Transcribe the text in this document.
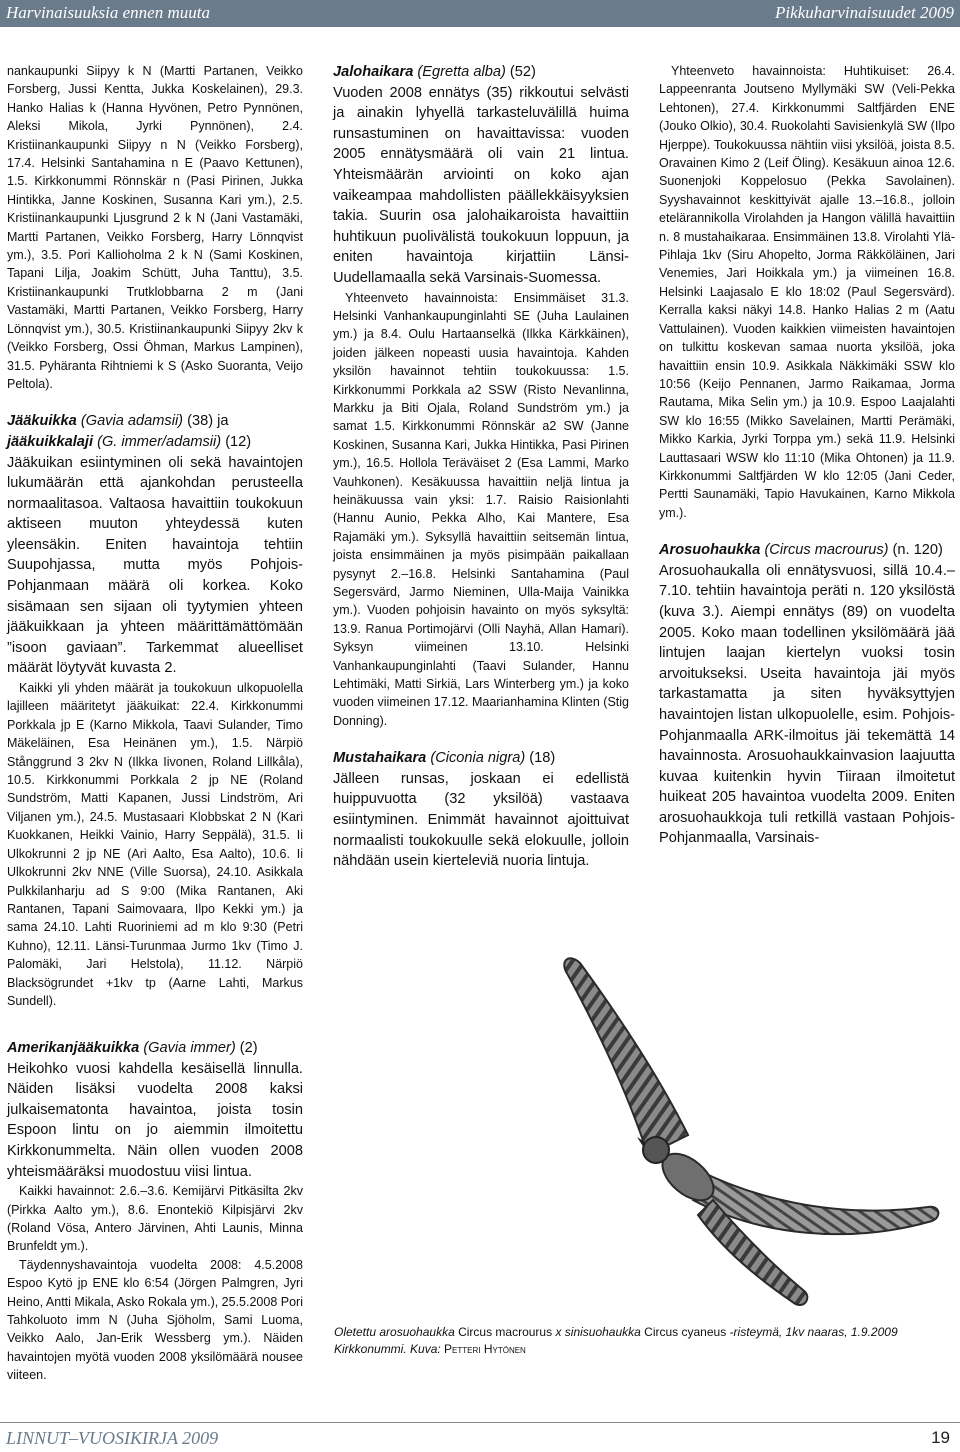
Harvinaisuuksia ennen muuta	Pikkuharvinaisuudet 2009

nankaupunki Siipyy k N (Martti Partanen, Veikko Forsberg, Jussi Kentta, Jukka Koskelainen), 29.3. Hanko Halias k (Hanna Hyvönen, Petro Pynnönen, Aleksi Mikola, Jyrki Pynnönen), 2.4. Kristiinankaupunki Siipyy n N (Veikko Forsberg), 17.4. Helsinki Santahamina n E (Paavo Kettunen), 1.5. Kirkkonummi Rönnskär n (Pasi Pirinen, Jukka Hintikka, Janne Koskinen, Susanna Kari ym.), 2.5. Kristiinankaupunki Ljusgrund 2 k N (Jani Vastamäki, Martti Partanen, Veikko Forsberg, Harry Lönnqvist ym.), 3.5. Pori Kallioholma 2 k N (Sami Koskinen, Tapani Lilja, Joakim Schütt, Juha Tanttu), 3.5. Kristiinankaupunki Trutklobbarna 2 m (Jani Vastamäki, Martti Partanen, Veikko Forsberg, Harry Lönnqvist ym.), 30.5. Kristiinankaupunki Siipyy 2kv k (Veikko Forsberg, Ossi Öhman, Markus Lampinen), 31.5. Pyhäranta Rihtniemi k S (Asko Suoranta, Veijo Peltola).

Jääkuikka (Gavia adamsii) (38) ja
jääkuikkalaji (G. immer/adamsii) (12)

Jääkuikan esiintyminen oli sekä havaintojen lukumäärän että ajankohdan perusteella normaalitasoa. Valtaosa havaittiin toukokuun aktiseen muuton yhteydessä kuten yleensäkin. Eniten havaintoja tehtiin Suupohjassa, mutta myös Pohjois-Pohjanmaan määrä oli korkea. Koko sisämaan sen sijaan oli tyytymien yhteen jääkuikkaan ja yhteen määrittämättömään ”isoon gaviaan”. Tarkemmat alueelliset määrät löytyvät kuvasta 2.

Kaikki yli yhden määrät ja toukokuun ulkopuolella lajilleen määritetyt jääkuikat: 22.4. Kirkkonummi Porkkala jp E (Karno Mikkola, Taavi Sulander, Timo Mäkeläinen, Esa Heinänen ym.), 1.5. Närpiö Stånggrund 3 2kv N (Ilkka Iivonen, Roland Lillkåla), 10.5. Kirkkonummi Porkkala 2 jp NE (Roland Sundström, Matti Kapanen, Jussi Lindström, Ari Viljanen ym.), 24.5. Mustasaari Klobbskat 2 N (Kari Kuokkanen, Heikki Vainio, Harry Seppälä), 31.5. Ii Ulkokrunni 2 jp NE (Ari Aalto, Esa Aalto), 10.6. Ii Ulkokrunni 2kv NNE (Ville Suorsa), 24.10. Asikkala Pulkkilanharju ad S 9:00 (Mika Rantanen, Aki Rantanen, Tapani Saimovaara, Ilpo Kekki ym.) ja sama 24.10. Lahti Ruoriniemi ad m klo 9:30 (Petri Kuhno), 12.11. Länsi-Turunmaa Jurmo 1kv (Timo J. Palomäki, Jari Helstola), 11.12. Närpiö Blacksögrundet +1kv tp (Aarne Lahti, Markus Sundell).

Amerikanjääkuikka (Gavia immer) (2)

Heikohko vuosi kahdella kesäisellä linnulla. Näiden lisäksi vuodelta 2008 kaksi julkaisematonta havaintoa, joista tosin Espoon lintu on jo aiemmin ilmoitettu Kirkkonummelta. Näin ollen vuoden 2008 yhteismääräksi muodostuu viisi lintua.

Kaikki havainnot: 2.6.–3.6. Kemijärvi Pitkäsilta 2kv (Pirkka Aalto ym.), 8.6. Enontekiö Kilpisjärvi 2kv (Roland Vösa, Antero Järvinen, Ahti Launis, Minna Brunfeldt ym.).

Täydennyshavaintoja vuodelta 2008: 4.5.2008 Espoo Kytö jp ENE klo 6:54 (Jörgen Palmgren, Jyri Heino, Antti Mikala, Asko Rokala ym.), 25.5.2008 Pori Tahkoluoto imm N (Juha Sjöholm, Sami Luoma, Veikko Aalo, Jan-Erik Wessberg ym.). Näiden havaintojen myötä vuoden 2008 yksilömäärä nousee viiteen.

Jalohaikara (Egretta alba) (52)

Vuoden 2008 ennätys (35) rikkoutui selvästi ja ainakin lyhyellä tarkasteluvälillä huima runsastuminen on havaittavissa: vuoden 2005 ennätysmäärä oli vain 21 lintua. Yhteismäärän arviointi on koko ajan vaikeampaa mahdollisten päällekkäisyyksien takia. Suurin osa jalohaikaroista havaittiin huhtikuun puolivälistä toukokuun loppuun, ja eniten havaintoja kirjattiin Länsi-Uudellamaalla sekä Varsinais-Suomessa.

Yhteenveto havainnoista: Ensimmäiset 31.3. Helsinki Vanhankaupunginlahti SE (Juha Laulainen ym.) ja 8.4. Oulu Hartaanselkä (Ilkka Kärkkäinen), joiden jälkeen nopeasti uusia havaintoja. Kahden yksilön havainnot tehtiin toukokuussa: 1.5. Kirkkonummi Porkkala a2 SSW (Risto Nevanlinna, Markku ja Biti Ojala, Roland Sundström ym.) ja samat 1.5. Kirkkonummi Rönnskär a2 SW (Janne Koskinen, Susanna Kari, Jukka Hintikka, Pasi Pirinen ym.), 16.5. Hollola Teräväiset 2 (Esa Lammi, Marko Vauhkonen). Kesäkuussa havaittiin neljä lintua ja heinäkuussa vain yksi: 1.7. Raisio Raisionlahti (Hannu Aunio, Pekka Alho, Kai Mantere, Esa Rajamäki ym.). Syksyllä havaittiin seitsemän lintua, joista ensimmäinen ja myös pisimpään paikallaan pysynyt 2.–16.8. Helsinki Santahamina (Paul Segersvärd, Jarmo Nieminen, Ulla-Maija Vainikka ym.). Vuoden pohjoisin havainto on myös syksyltä: 13.9. Ranua Portimojärvi (Olli Nayhä, Allan Hamari). Syksyn viimeinen 13.10. Helsinki Vanhankaupunginlahti (Taavi Sulander, Hannu Lehtimäki, Matti Sirkiä, Lars Winterberg ym.) ja koko vuoden viimeinen 17.12. Maarianhamina Klinten (Stig Donning).

Mustahaikara (Ciconia nigra) (18)

Jälleen runsas, joskaan ei edellistä huippuvuotta (32 yksilöä) vastaava esiintyminen. Enimmät havainnot ajoittuivat normaalisti toukokuulle sekä elokuulle, jolloin nähdään usein kierteleviä nuoria lintuja.

Yhteenveto havainnoista: Huhtikuiset: 26.4. Lappeenranta Joutseno Myllymäki SW (Veli-Pekka Lehtonen), 27.4. Kirkkonummi Saltfjärden ENE (Jouko Olkio), 30.4. Ruokolahti Savisienkylä SW (Ilpo Hjerppe). Toukokuussa nähtiin viisi yksilöä, joista 8.5. Oravainen Kimo 2 (Leif Öling). Kesäkuun ainoa 12.6. Suonenjoki Koppelosuo (Pekka Savolainen). Syyshavainnot keskittyivät ajalle 13.–16.8., jolloin etelärannikolla Virolahden ja Hangon välillä havaittiin n. 8 mustahaikaraa. Ensimmäinen 13.8. Virolahti Ylä-Pihlaja 1kv (Siru Ahopelto, Jorma Räkköläinen, Jari Venemies, Jari Hoikkala ym.) ja viimeinen 16.8. Helsinki Laajasalo E klo 18:02 (Paul Segersvärd). Kerralla kaksi näkyi 14.8. Hanko Halias 2 m (Aatu Vattulainen). Vuoden kaikkien viimeisten havaintojen on tulkittu koskevan samaa nuorta yksilöä, joka havaittiin ensin 10.9. Asikkala Näkkimäki SSW klo 10:56 (Keijo Pennanen, Jarmo Raikamaa, Jorma Rautama, Mika Selin ym.) ja 10.9. Espoo Laajalahti SW klo 16:55 (Mikko Savelainen, Martti Perämäki, Mikko Karkia, Jyrki Torppa ym.) sekä 11.9. Helsinki Lauttasaari WSW klo 11:10 (Mika Ohtonen) ja 11.9. Kirkkonummi Saltfjärden W klo 12:05 (Jani Ceder, Pertti Saunamäki, Tapio Havukainen, Karno Mikkola ym.).

Arosuohaukka (Circus macrourus) (n. 120)

Arosuohaukalla oli ennätysvuosi, sillä 10.4.–7.10. tehtiin havaintoja peräti n. 120 yksilöstä (kuva 3.). Aiempi ennätys (89) on vuodelta 2005. Koko maan todellinen yksilömäärä jää lintujen laajan kiertelyn vuoksi tosin arvoitukseksi. Useita havaintoja jäi myös tarkastamatta ja siten hyväksyttyjen havaintojen listan ulkopuolelle, esim. Pohjois-Pohjanmaalla ARK-ilmoitus jäi tekemättä 14 havainnosta. Arosuohaukkainvasion laajuutta kuvaa kuitenkin hyvin Tiiraan ilmoitetut huikeat 205 havaintoa vuodelta 2009. Eniten arosuohaukkoja tuli retkillä vastaan Pohjois-Pohjanmaalla, Varsinais-

Oletettu arosuohaukka Circus macrourus x sinisuohaukka Circus cyaneus -risteymä, 1kv naaras, 1.9.2009 Kirkkonummi. Kuva: Petteri Hytönen
LINNUT–VUOSIKIRJA 2009	19
